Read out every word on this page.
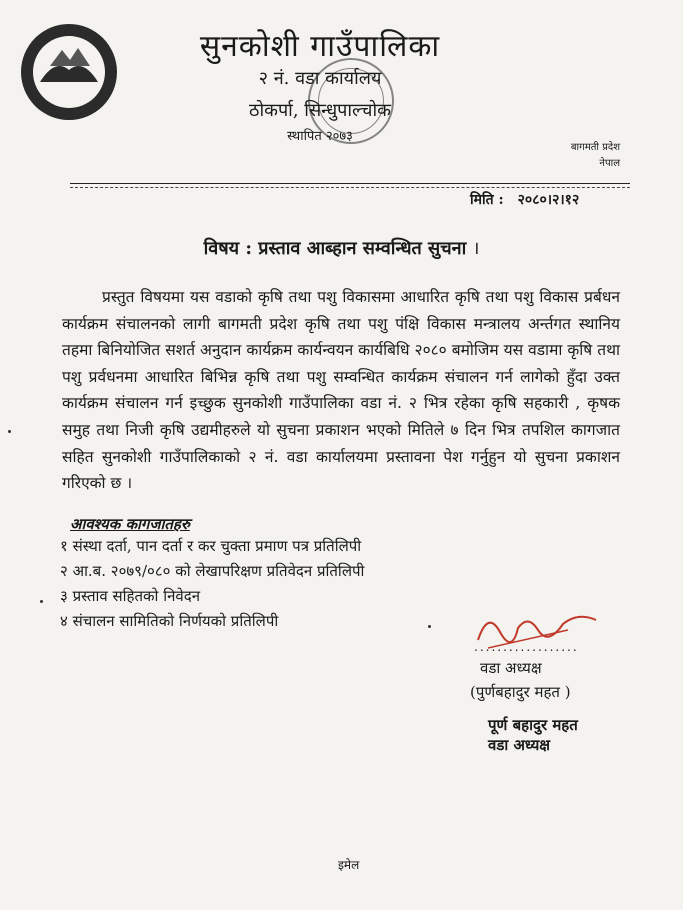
सुनकोशी गाउँपालिका
२ नं. वडा कार्यालय
ठोकर्पा, सिन्धुपाल्चोक
स्थापित २०७३
बागमती प्रदेश
नेपाल
मिति : २०८०।२।१२
विषय : प्रस्ताव आब्हान सम्वन्धित सुचना ।
प्रस्तुत विषयमा यस वडाको कृषि तथा पशु विकासमा आधारित कृषि तथा पशु विकास प्रर्बधन कार्यक्रम संचालनको लागी बागमती प्रदेश कृषि तथा पशु पंक्षि विकास मन्त्रालय अर्न्तगत स्थानिय तहमा बिनियोजित सशर्त अनुदान कार्यक्रम कार्यन्वयन कार्यबिधि २०८० बमोजिम यस वडामा कृषि तथा पशु प्रर्वधनमा आधारित बिभिन्न कृषि तथा पशु सम्वन्धित कार्यक्रम संचालन गर्न लागेको हुँदा उक्त कार्यक्रम संचालन गर्न इच्छुक सुनकोशी गाउँपालिका वडा नं. २ भित्र रहेका कृषि सहकारी , कृषक समुह तथा निजी कृषि उद्यमीहरुले यो सुचना प्रकाशन भएको मितिले ७ दिन भित्र तपशिल कागजात सहित सुनकोशी गाउँपालिकाको २ नं. वडा कार्यालयमा प्रस्तावना पेश गर्नुहुन यो सुचना प्रकाशन गरिएको छ ।
आवश्यक कागजातहरु
१ संस्था दर्ता, पान दर्ता र कर चुक्ता प्रमाण पत्र प्रतिलिपी
२ आ.ब. २०७९/०८० को लेखापरिक्षण प्रतिवेदन प्रतिलिपी
३ प्रस्ताव सहितको निवेदन
४ संचालन सामितिको निर्णयको प्रतिलिपी
..................
वडा अध्यक्ष
(पुर्णबहादुर महत )
पूर्ण बहादुर महत
वडा अध्यक्ष
इमेल
